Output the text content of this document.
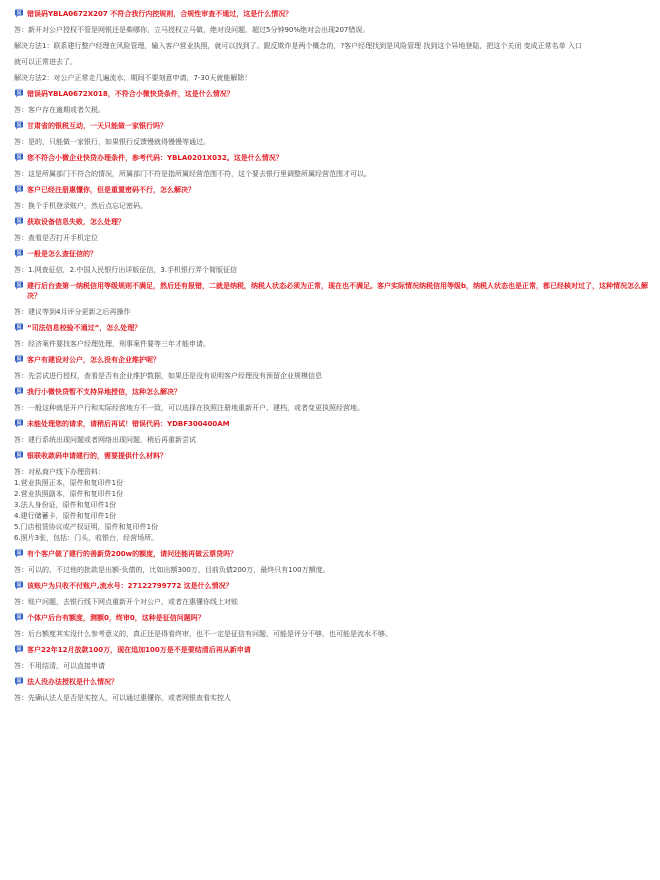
问 错误码YBLA0672X207 不符合我行内控规则，合规性审查不通过，这是什么情况？
答：新开对公户授权不管是网银还是柴哪你，立马授权立马做，绝对没问题，超过5分钟90%绝对会出现207错误。
解决方法1：联系建行整户经理在风险管理，输入客户营业执照，就可以找到了。跟反欺诈是两个概念的，?客户经理找到是风险管理 找到这个异地登陆，把这个关闭 变成正常名单 入口
就可以正常进去了。
解决方法2：对公户正常走几遍流水，期间不要刻意申请，7-30天就能解除！
问 错误码YBLA0672X018，不符合小微快贷条件，这是什么情况？
答：客户存在逾期或者欠税。
问 甘肃省的银税互动，一天只能做一家银行吗？
答：是的，只能做一家银行，如果银行反馈慢就得慢慢等通过。
问 您不符合小微企业快贷办理条件，参考代码：YBLA0201X032。这是什么情况？
答：这是所属部门不符合的情况，所属部门不符是指所属经营范围不符，这个要去银行里调整所属经营范围才可以。
问 客户已经注册惠懂你，但是重置密码不行，怎么解决？
答：换个手机登录账户，然后点忘记密码。
问 获取设备信息失败，怎么处理？
答：查看是否打开手机定位
问 一般是怎么查征信的？
答：1.网查征信，2.中国人民银行出详版征信，3.手机银行弄个简版征信
问 建行后台查第一纳税信用等级规则不满足，然后还有报错，二就是纳税，纳税人状态必须为正常，现在也不满足。客户实际情况纳税信用等级b，纳税人状态也是正常，都已经核对过了，这种情况怎么解决？
答：建议等到4月评分更新之后再操作
问 “司法信息校验不通过”，怎么处理？
答：经济案件要找客户经理处理，刑事案件要等三年才能申请。
问 客户有建设对公户，怎么没有企业维护呢？
答：先尝试进行授权，查看是否有企业维护数据，如果还是没有说明客户经理没有预留企业规模信息
问 我行小微快贷暂不支持异地授信，这种怎么解决？
答：一般这种就是开户行和实际经营地方不一致，可以选择在执照注册地重新开户、建档，或者变更执照经营地。
问 未能处理您的请求，请稍后再试！错误代码：YDBF300400AM
答：建行系统出现问题或者网络出现问题，稍后再重新尝试
问 银联收款码申请建行的，需要提供什么材料？
答：对私商户线下办理资料：
1.营业执照正本，原件和复印件1份
2.营业执照副本，原件和复印件1份
3.法人身份证，原件和复印件1份
4.建行储蓄卡，原件和复印件1份
5.门店租赁协议或产权证明，原件和复印件1份
6.照片3张，包括：门头，收银台，经营场所。
问 有个客户做了建行的善新贷200w的额度，请问还能再做云票贷吗？
答：可以的，不过他的批款是出额-负债的，比如出额300万，目前负债200万，最终只有100万额度。
问 该账户为只收不付账户,流水号：27122799772 这是什么情况？
答：账户问题，去银行线下网点重新开个对公户，或者在惠懂你线上对账
问 个体户后台有额度，测额0，终审0，这种是征信问题吗？
答：后台额度其实没什么参考意义的，真正还是得看终审，也不一定是征信有问题，可能是评分不够，也可能是流水不够。
问 客户22年12月放款100万，现在追加100万是不是要结清后再从新申请
答：不用结清，可以直接申请
问 法人没办法授权是什么情况？
答：先确认法人是否是实控人，可以通过惠懂你，或者网银查看实控人
